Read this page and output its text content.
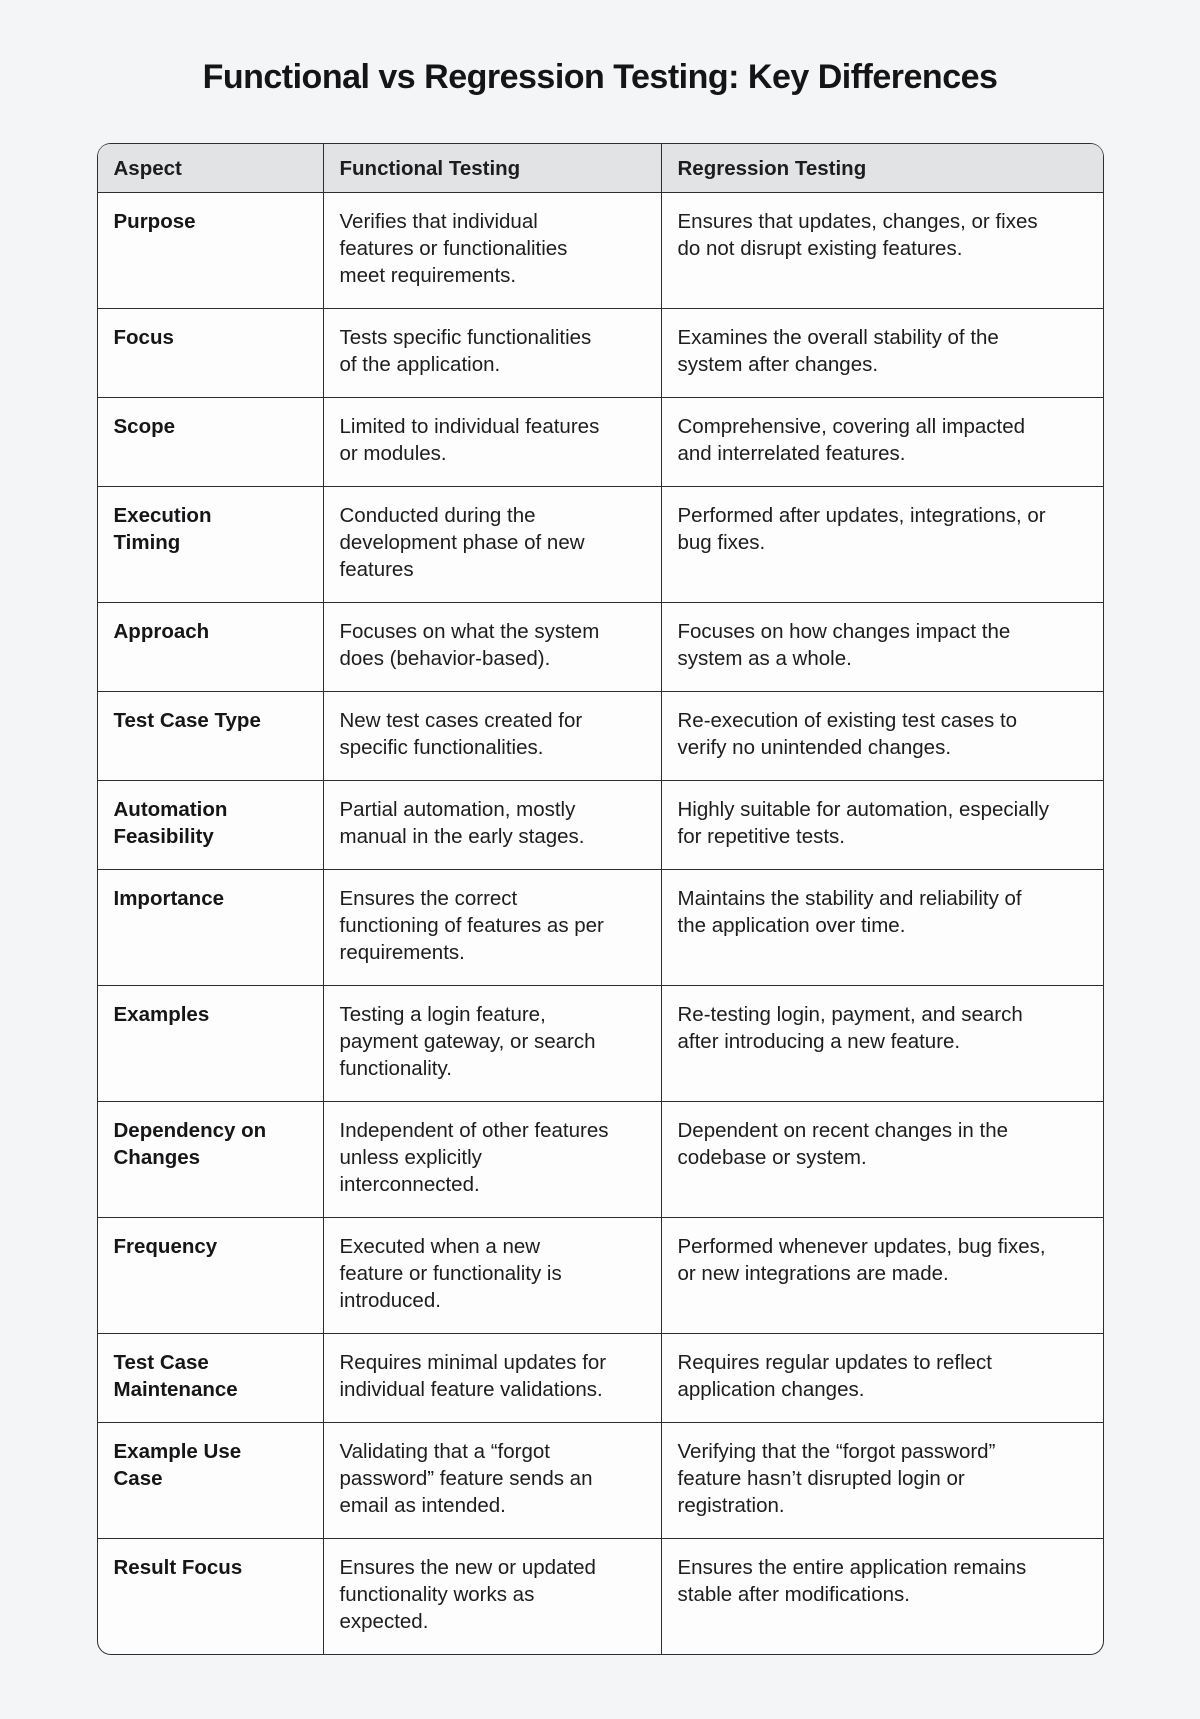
Functional vs Regression Testing: Key Differences
Aspect	Functional Testing	Regression Testing
Purpose	Verifies that individual features or functionalities meet requirements.	Ensures that updates, changes, or fixes do not disrupt existing features.
Focus	Tests specific functionalities of the application.	Examines the overall stability of the system after changes.
Scope	Limited to individual features or modules.	Comprehensive, covering all impacted and interrelated features.
Execution Timing	Conducted during the development phase of new features	Performed after updates, integrations, or bug fixes.
Approach	Focuses on what the system does (behavior-based).	Focuses on how changes impact the system as a whole.
Test Case Type	New test cases created for specific functionalities.	Re-execution of existing test cases to verify no unintended changes.
Automation Feasibility	Partial automation, mostly manual in the early stages.	Highly suitable for automation, especially for repetitive tests.
Importance	Ensures the correct functioning of features as per requirements.	Maintains the stability and reliability of the application over time.
Examples	Testing a login feature, payment gateway, or search functionality.	Re-testing login, payment, and search after introducing a new feature.
Dependency on Changes	Independent of other features unless explicitly interconnected.	Dependent on recent changes in the codebase or system.
Frequency	Executed when a new feature or functionality is introduced.	Performed whenever updates, bug fixes, or new integrations are made.
Test Case Maintenance	Requires minimal updates for individual feature validations.	Requires regular updates to reflect application changes.
Example Use Case	Validating that a “forgot password” feature sends an email as intended.	Verifying that the “forgot password” feature hasn’t disrupted login or registration.
Result Focus	Ensures the new or updated functionality works as expected.	Ensures the entire application remains stable after modifications.
